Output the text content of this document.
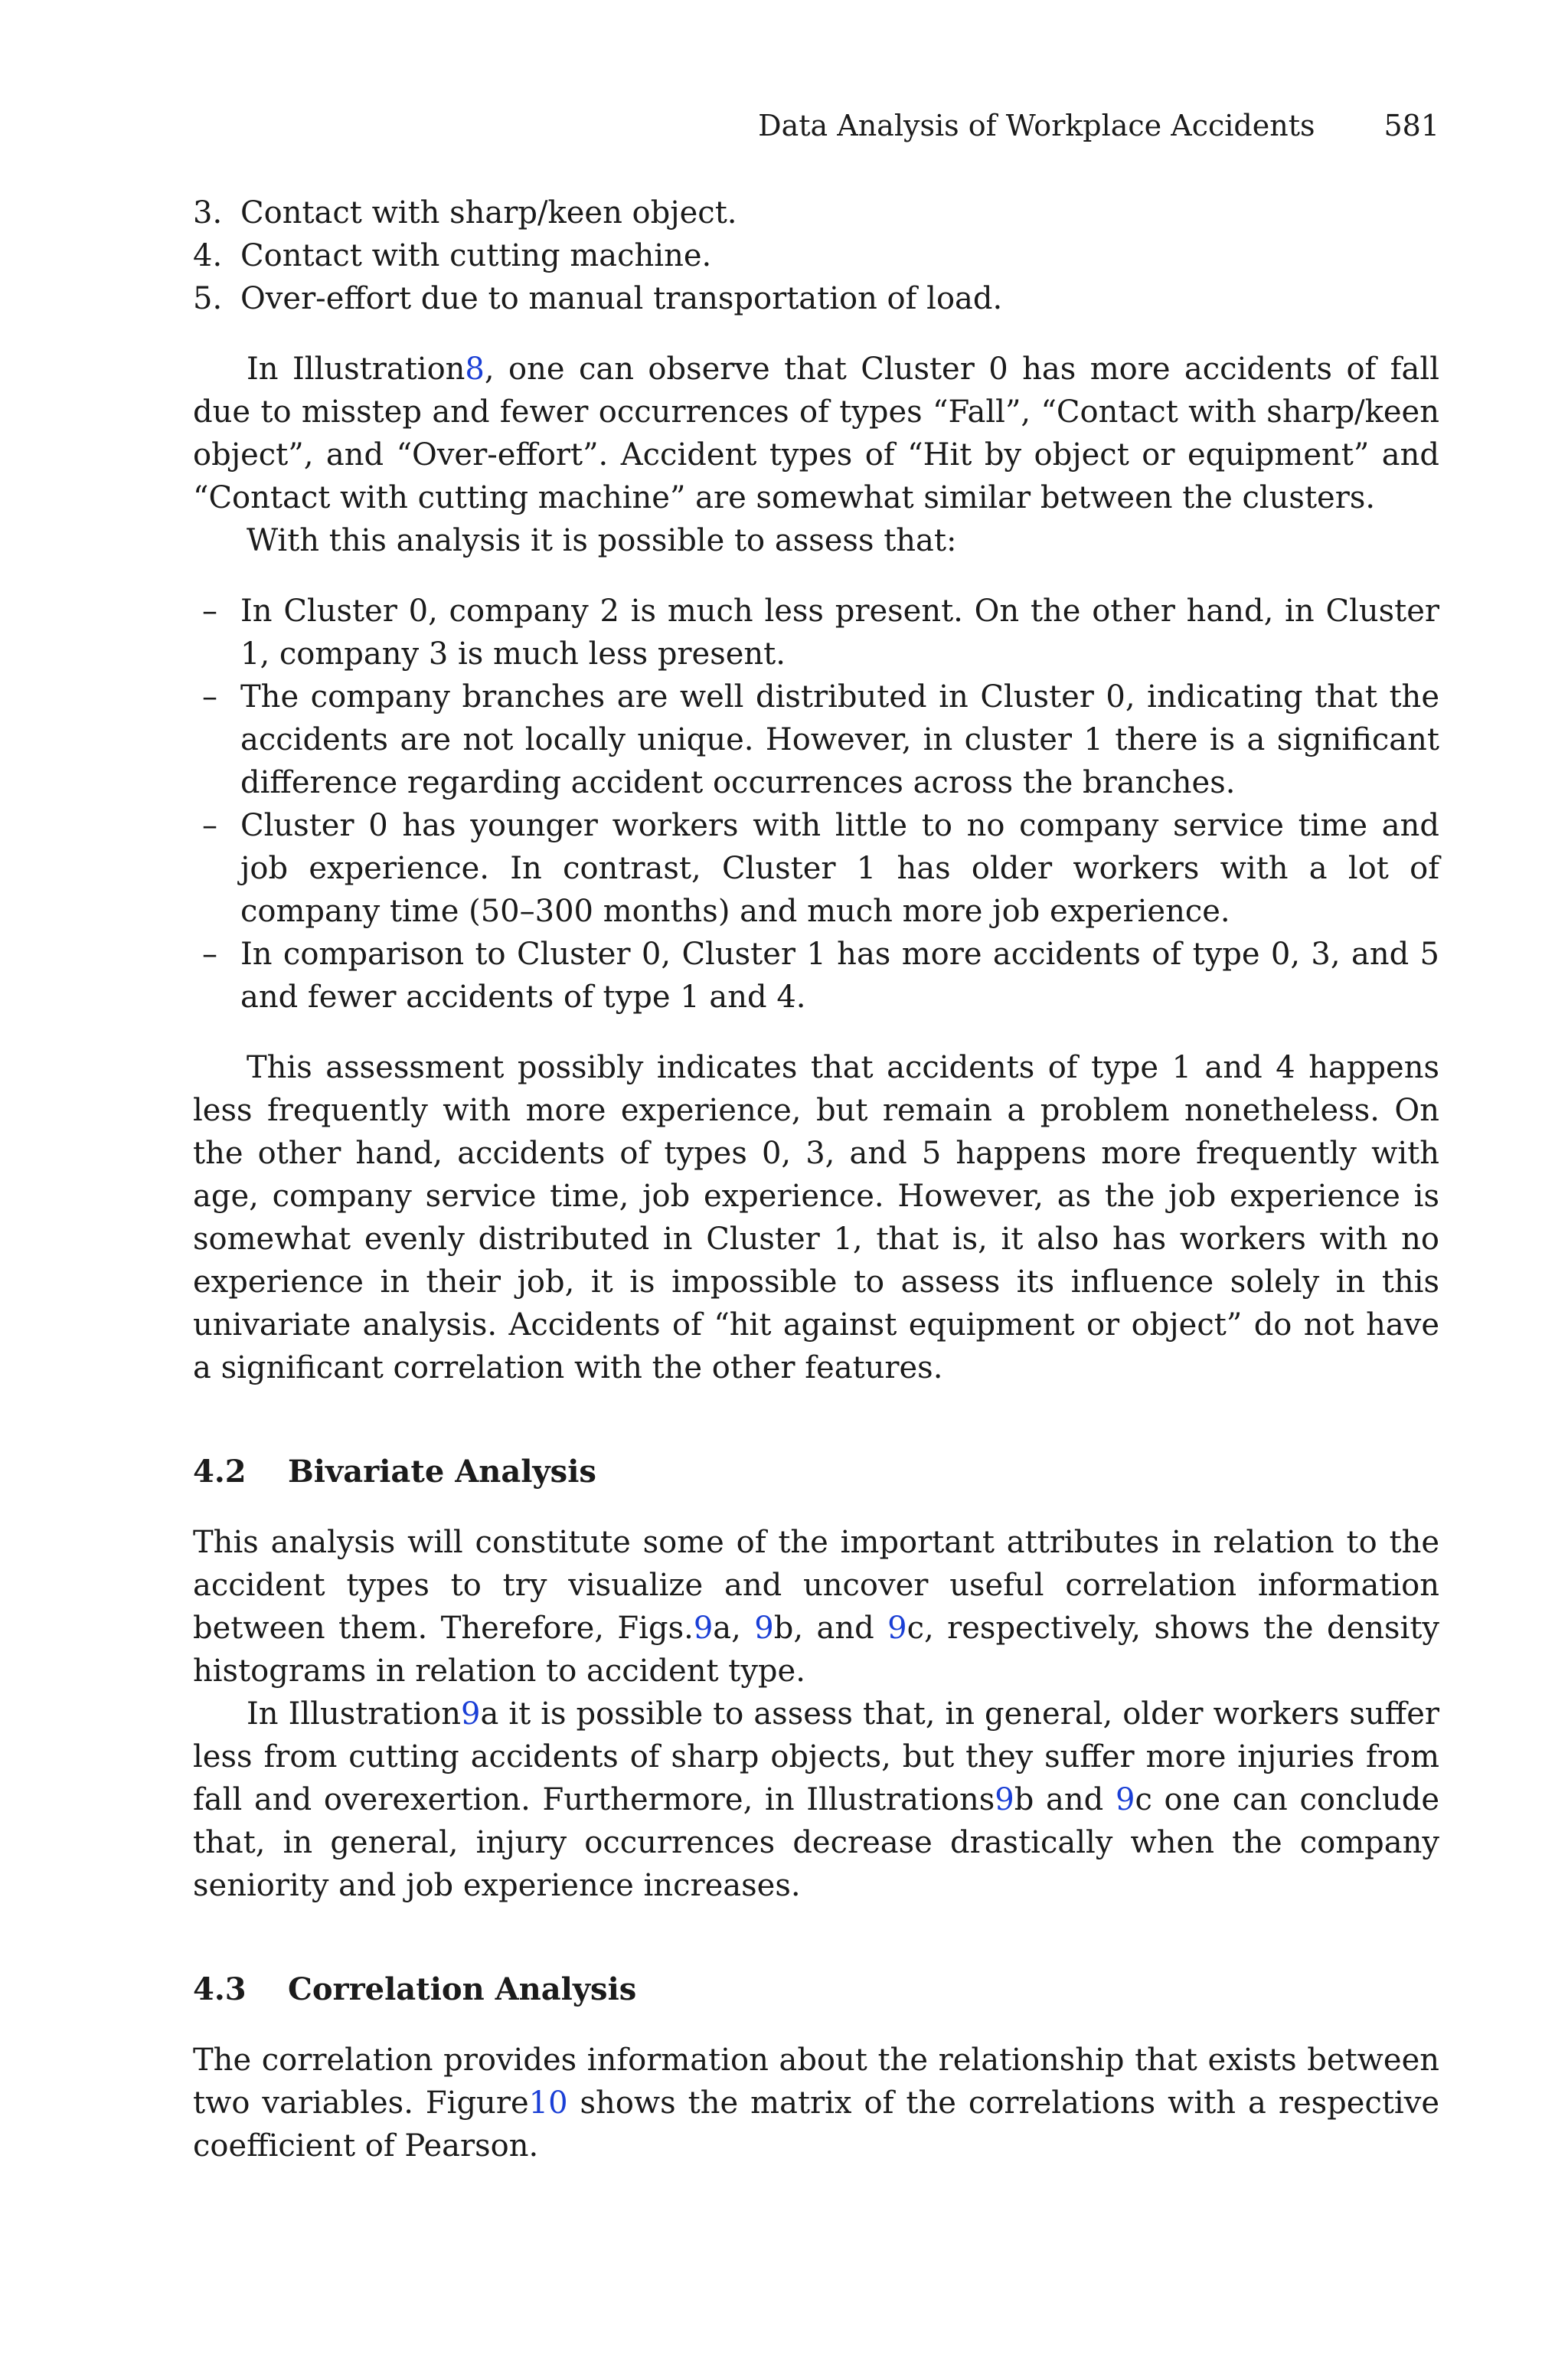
Data Analysis of Workplace Accidents 581
3. Contact with sharp/keen object.
4. Contact with cutting machine.
5. Over-effort due to manual transportation of load.

In Illustration8, one can observe that Cluster 0 has more accidents of fall due to misstep and fewer occurrences of types “Fall”, “Contact with sharp/keen object”, and “Over-effort”. Accident types of “Hit by object or equipment” and “Contact with cutting machine” are somewhat similar between the clusters.

With this analysis it is possible to assess that:

– In Cluster 0, company 2 is much less present. On the other hand, in Cluster 1, company 3 is much less present.
– The company branches are well distributed in Cluster 0, indicating that the accidents are not locally unique. However, in cluster 1 there is a significant difference regarding accident occurrences across the branches.
– Cluster 0 has younger workers with little to no company service time and job experience. In contrast, Cluster 1 has older workers with a lot of company time (50–300 months) and much more job experience.
– In comparison to Cluster 0, Cluster 1 has more accidents of type 0, 3, and 5 and fewer accidents of type 1 and 4.

This assessment possibly indicates that accidents of type 1 and 4 happens less frequently with more experience, but remain a problem nonetheless. On the other hand, accidents of types 0, 3, and 5 happens more frequently with age, company service time, job experience. However, as the job experience is somewhat evenly distributed in Cluster 1, that is, it also has workers with no experience in their job, it is impossible to assess its influence solely in this univariate analysis. Accidents of “hit against equipment or object” do not have a significant correlation with the other features.

4.2 Bivariate Analysis

This analysis will constitute some of the important attributes in relation to the accident types to try visualize and uncover useful correlation information between them. Therefore, Figs.9a, 9b, and 9c, respectively, shows the density histograms in relation to accident type.

In Illustration9a it is possible to assess that, in general, older workers suffer less from cutting accidents of sharp objects, but they suffer more injuries from fall and overexertion. Furthermore, in Illustrations9b and 9c one can conclude that, in general, injury occurrences decrease drastically when the company seniority and job experience increases.

4.3 Correlation Analysis

The correlation provides information about the relationship that exists between two variables. Figure10 shows the matrix of the correlations with a respective coefficient of Pearson.
